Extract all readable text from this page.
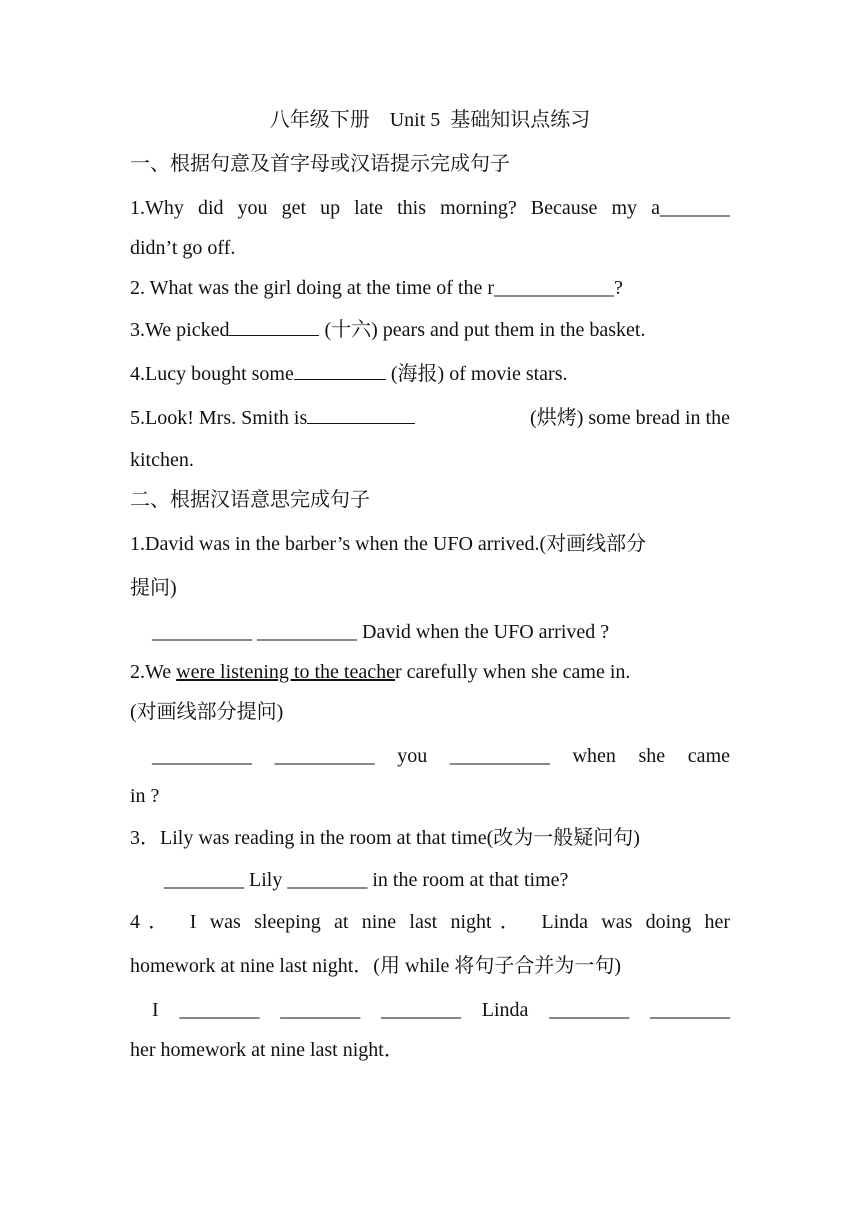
八年级下册    Unit 5  基础知识点练习
一、根据句意及首字母或汉语提示完成句子
1.Why did you get up late this morning? Because my a_______
didn’t go off.
2. What was the girl doing at the time of the r____________?
3.We picked	(十六) pears and put them in the basket.
4.Lucy bought some	(海报) of movie stars.
5.Look! Mrs. Smith is	(烘烤) some bread in the
kitchen.
二、根据汉语意思完成句子
1.David was in the barber’s when the UFO arrived.(对画线部分
提问)
__________ __________ David when the UFO arrived ?
2.We were listening to the teacher carefully when she came in.
(对画线部分提问)
__________ __________ you __________ when she came
in ?
3．Lily was reading in the room at that time(改为一般疑问句)
________ Lily ________ in the room at that time?
4． I was sleeping at nine last night． Linda was doing her
homework at nine last night．(用 while 将句子合并为一句)
I ________ ________ ________ Linda ________ ________
her homework at nine last night．
